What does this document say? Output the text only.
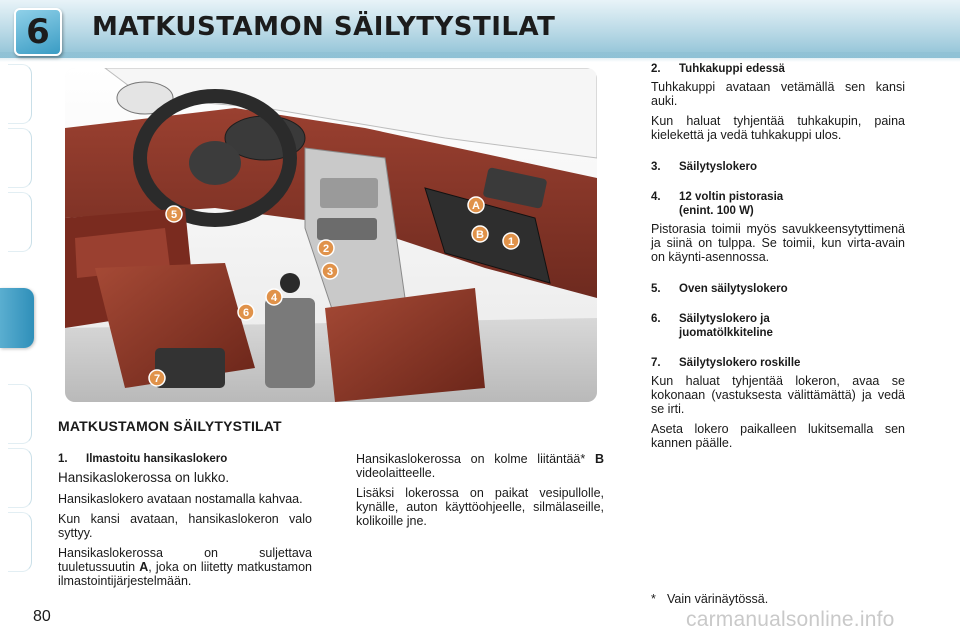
6 MATKUSTAMON SÄILYTYSTILAT
5
2
3
4
6
7
A
B
1
MATKUSTAMON SÄILYTYSTILAT
1. Ilmastoitu hansikaslokero

Hansikaslokerossa on lukko.

Hansikaslokero avataan nostamalla kahvaa.

Kun kansi avataan, hansikaslokeron valo syttyy.

Hansikaslokerossa on suljettava tuuletussuutin A, joka on liitetty matkustamon ilmastointijärjestelmään.

Hansikaslokerossa on kolme liitäntää* B videolaitteelle.

Lisäksi lokerossa on paikat vesipullolle, kynälle, auton käyttöohjeelle, silmälaseille, kolikoille jne.

2. Tuhkakuppi edessä

Tuhkakuppi avataan vetämällä sen kansi auki.

Kun haluat tyhjentää tuhkakupin, paina kielekettä ja vedä tuhkakuppi ulos.

3. Säilytyslokero
4. 12 voltin pistorasia
(enint. 100 W)

Pistorasia toimii myös savukkeensytyttimenä ja siinä on tulppa. Se toimii, kun virta-avain on käynti-asennossa.

5. Oven säilytyslokero
6. Säilytyslokero ja
juomatölkkiteline
7. Säilytyslokero roskille

Kun haluat tyhjentää lokeron, avaa se kokonaan (vastuksesta välittämättä) ja vedä se irti.

Aseta lokero paikalleen lukitsemalla sen kannen päälle.

* Vain värinäytössä.
80	carmanualsonline.info
